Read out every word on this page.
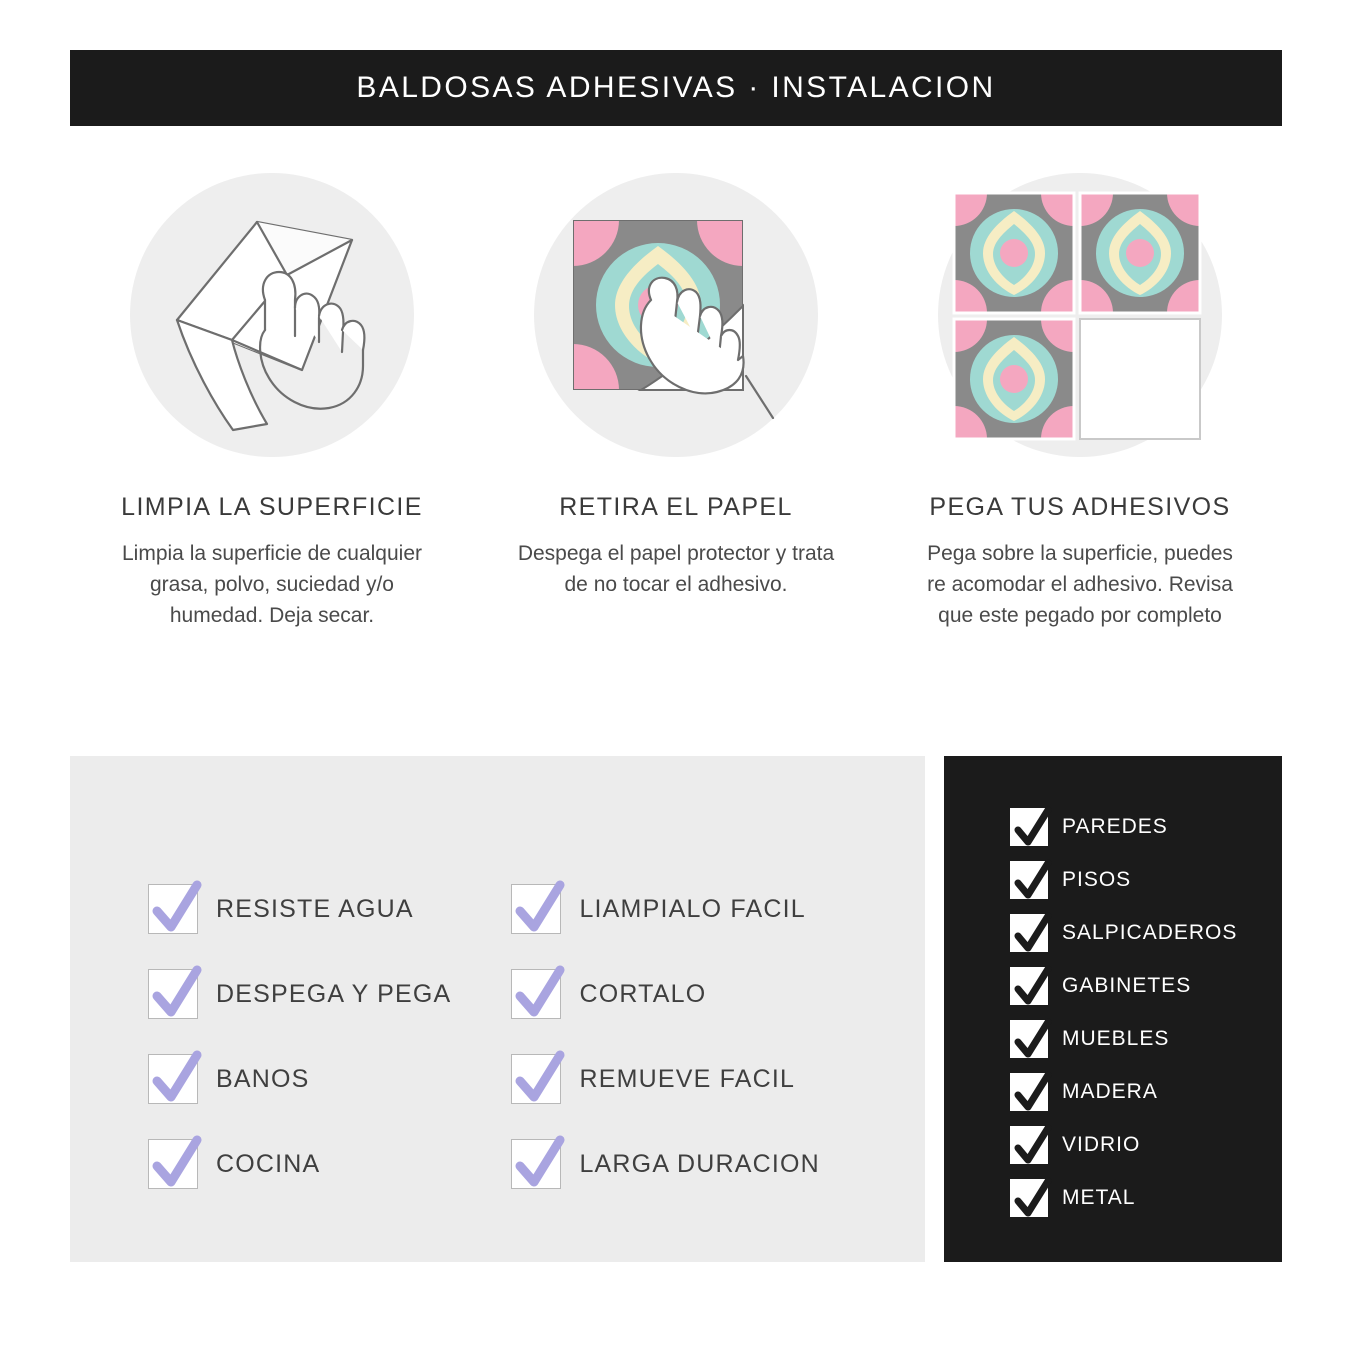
BALDOSAS ADHESIVAS · INSTALACION
LIMPIA LA SUPERFICIE
Limpia la superficie de cualquier grasa, polvo, suciedad y/o humedad. Deja secar.
RETIRA EL PAPEL
Despega el papel protector y trata de no tocar el adhesivo.
PEGA TUS ADHESIVOS
Pega sobre la superficie, puedes re acomodar el adhesivo. Revisa que este pegado por completo
RESISTE AGUA
DESPEGA Y PEGA
BANOS
COCINA
LIAMPIALO FACIL
CORTALO
REMUEVE FACIL
LARGA DURACION
PAREDES
PISOS
SALPICADEROS
GABINETES
MUEBLES
MADERA
VIDRIO
METAL
